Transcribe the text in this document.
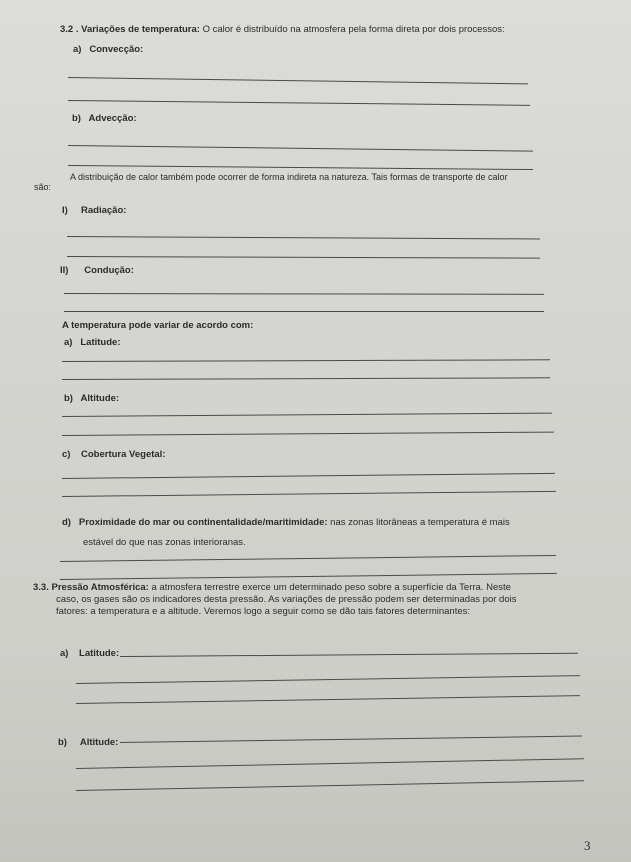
3.2 . Variações de temperatura: O calor é distribuído na atmosfera pela forma direta por dois processos:
a) Convecção:
b) Advecção:
A distribuição de calor também pode ocorrer de forma indireta na natureza. Tais formas de transporte de calor
são:
I) Radiação:
II) Condução:
A temperatura pode variar de acordo com:
a) Latitude:
b) Altitude:
c) Cobertura Vegetal:
d) Proximidade do mar ou continentalidade/maritimidade: nas zonas litorâneas a temperatura é mais
estável do que nas zonas interioranas.
3.3. Pressão Atmosférica: a atmosfera terrestre exerce um determinado peso sobre a superfície da Terra. Neste
caso, os gases são os indicadores desta pressão. As variações de pressão podem ser determinadas por dois
fatores: a temperatura e a altitude. Veremos logo a seguir como se dão tais fatores determinantes:
a) Latitude:
b) Altitude:
3
